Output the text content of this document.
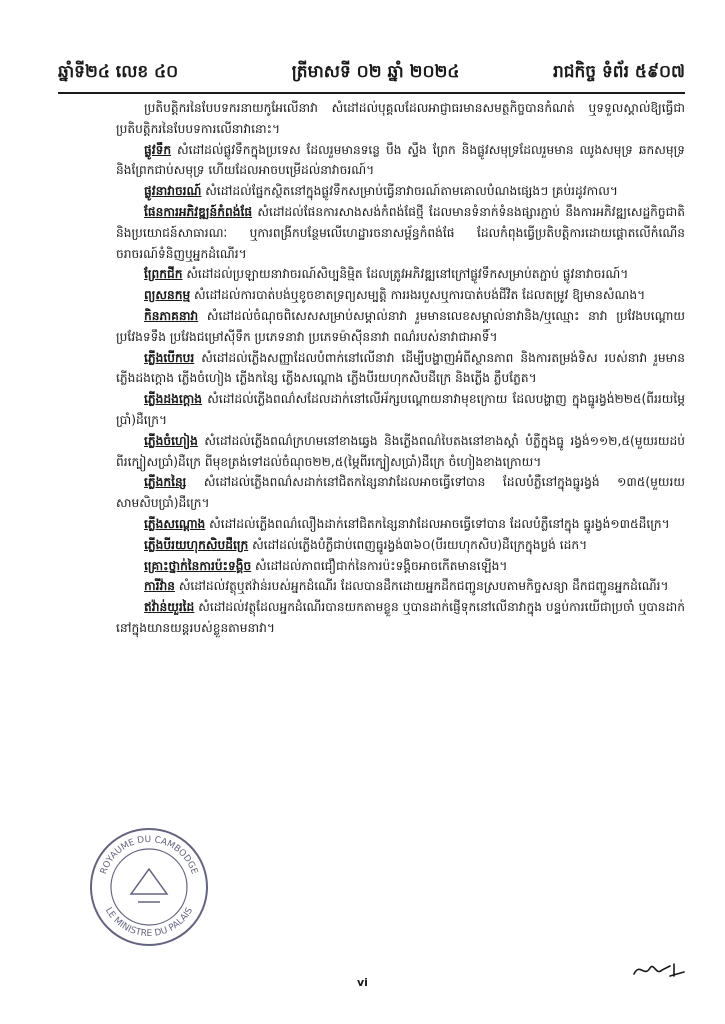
ឆ្នាំទី២៤ លេខ ៤០	ត្រីមាសទី ០២ ឆ្នាំ ២០២៤	រាជកិច្ច ទំព័រ ៥៩០៧

ប្រតិបត្តិករនៃបែបទករនាយកូអែលើនាវា សំដៅដល់បុគ្គលដែលអាជ្ញាធរមានសមត្ថកិច្ចបានកំណត់ ឬទទួលស្គាល់ឱ្យធ្វើជាប្រតិបត្តិករនៃបែបទការលើនាវានោះ។

ផ្លូវទឹក សំដៅដល់ផ្លូវទឹកក្នុងប្រទេស ដែលរួមមានទន្លេ បឹង ស្ទឹង ព្រែក និងផ្លូវសមុទ្រដែលរួមមាន ឈូងសមុទ្រ ឆកសមុទ្រ និងព្រែកជាប់សមុទ្រ ហើយដែលអាចបម្រើដល់នាវាចរណ៍។

ផ្លូវនាវាចរណ៍ សំដៅដល់ផ្នែកស្ថិតនៅក្នុងផ្លូវទឹកសម្រាប់ធ្វើនាវាចរណ៍តាមគោលបំណងផ្សេងៗ គ្រប់រដូវកាល។

ផែនការអភិវឌ្ឍន៍កំពង់ផែ សំដៅដល់ផែនការសាងសង់កំពង់ផែថ្មី ដែលមានទំនាក់ទំនងផ្សារភ្ជាប់ នឹងការអភិវឌ្ឍសេដ្ឋកិច្ចជាតិនិងប្រយោជន៍សាធារណៈ ឬការពង្រីកបន្ថែមលើហេដ្ឋារចនាសម្ព័ន្ធកំពង់ផែ ដែលកំពុងធ្វើប្រតិបត្តិការដោយផ្តោតលើកំណើនចរាចរណ៍ទំនិញឬអ្នកដំណើរ។

ព្រែកជីក សំដៅដល់ប្រឡាយនាវាចរណ៍សិប្បនិម្មិត ដែលត្រូវអភិវឌ្ឍនៅក្រៅផ្លូវទឹកសម្រាប់តភ្ជាប់ ផ្លូវនាវាចរណ៍។

ព្យសនកម្ម សំដៅដល់ការបាត់បង់ឬខូចខាតទ្រព្យសម្បត្តិ ការរងរបួសឬការបាត់បង់ជីវិត ដែលតម្រូវ ឱ្យមានសំណង។

កិនភាគនាវា សំដៅដល់ចំណុចពិសេសសម្រាប់សម្គាល់នាវា រួមមានលេខសម្គាល់នាវានិង/ឬឈ្មោះ នាវា ប្រវែងបណ្តោយ ប្រវែងទទឹង ប្រវែងជម្រៅស៊ីទឹក ប្រភេទនាវា ប្រភេទម៉ាស៊ីននាវា ពណ៌របស់នាវាជាអាទិ៍។

ភ្លើងបើកបរ សំដៅដល់ភ្លើងសញ្ញាដែលបំពាក់នៅលើនាវា ដើម្បីបង្ហាញអំពីស្ថានភាព និងការតម្រង់ទិស របស់នាវា រួមមានភ្លើងដងក្តោង ភ្លើងចំហៀង ភ្លើងកន្សៃ ភ្លើងសណ្តោង ភ្លើងបីរយហុកសិបដឺក្រេ និងភ្លើង ភ្លឹបភ្លែត។

ភ្លើងដងក្តោង សំដៅដល់ភ្លើងពណ៌សដែលដាក់នៅលើអ័ក្សបណ្តោយនាវាមុខក្រោយ ដែលបង្ហាញ ក្នុងធ្នូរង្វង់២២៥(ពីររយម្ភៃប្រាំ)ដឺក្រេ។

ភ្លើងចំហៀង សំដៅដល់ភ្លើងពណ៌ក្រហមនៅខាងឆ្វេង និងភ្លើងពណ៌បៃតងនៅខាងស្តាំ បំភ្លឺក្នុងធ្នូ រង្វង់១១២,៥(មួយរយដប់ពីរក្បៀសប្រាំ)ដឺក្រេ ពីមុខត្រង់ទៅដល់ចំណុច២២,៥(ម្ភៃពីរក្បៀសប្រាំ)ដឺក្រេ ចំហៀងខាងក្រោយ។

ភ្លើងកន្សៃ សំដៅដល់ភ្លើងពណ៌សដាក់នៅជិតកន្សៃនាវាដែលអាចធ្វើទៅបាន ដែលបំភ្លឺនៅក្នុងធ្នូរង្វង់ ១៣៥(មួយរយសាមសិបប្រាំ)ដឺក្រេ។

ភ្លើងសណ្តោង សំដៅដល់ភ្លើងពណ៌លឿងដាក់នៅជិតកន្សៃនាវាដែលអាចធ្វើទៅបាន ដែលបំភ្លឺនៅក្នុង ធ្នូរង្វង់១៣៥ដឺក្រេ។

ភ្លើងបីរយហុកសិបដឺក្រេ សំដៅដល់ភ្លើងបំភ្លឺជាប់ពេញធ្នូរង្វង់៣៦០(បីរយហុកសិប)ដឺក្រេក្នុងប្លង់ ដេក។

គ្រោះថ្នាក់នៃការប៉ះទង្គិច សំដៅដល់ភាពជឿជាក់នៃការប៉ះទង្គិចអាចកើតមានឡើង។

ការីវ៉ាន សំដៅដល់វត្ថុឬឥវ៉ាន់របស់អ្នកដំណើរ ដែលបានដឹកដោយអ្នកដឹកជញ្ជូនស្របតាមកិច្ចសន្យា ដឹកជញ្ជូនអ្នកដំណើរ។

ឥវ៉ាន់យួរដៃ សំដៅដល់វត្ថុដែលអ្នកដំណើរបានយកតាមខ្លួន ឬបានដាក់ផ្ញើទុកនៅលើនាវាក្នុង បន្ទប់ការយើជាប្រចាំ ឬបានដាក់នៅក្នុងយានយន្តរបស់ខ្លួនតាមនាវា។

ROYAUME DU CAMBODGE
LE MINISTRE DU PALAIS
vi
